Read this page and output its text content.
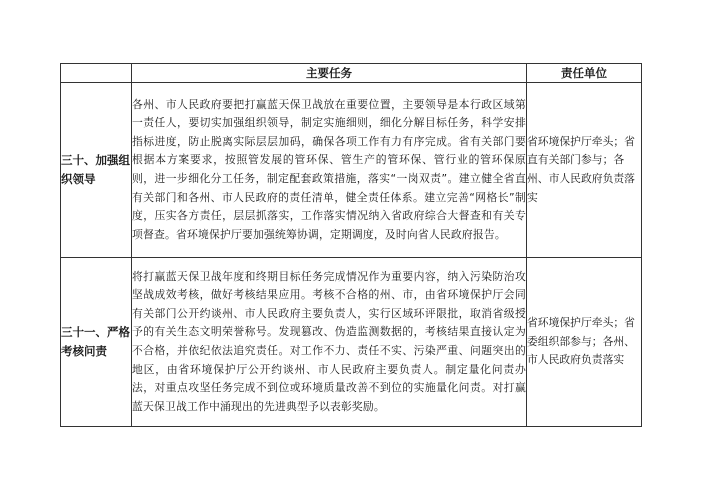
	主要任务	责任单位
三十、加强组织领导	各州、市人民政府要把打赢蓝天保卫战放在重要位置，主要领导是本行政区域第一责任人，要切实加强组织领导，制定实施细则，细化分解目标任务，科学安排指标进度，防止脱离实际层层加码，确保各项工作有力有序完成。省有关部门要根据本方案要求，按照管发展的管环保、管生产的管环保、管行业的管环保原则，进一步细化分工任务，制定配套政策措施，落实“一岗双责”。建立健全省直有关部门和各州、市人民政府的责任清单，健全责任体系。建立完善“网格长”制度，压实各方责任，层层抓落实，工作落实情况纳入省政府综合大督查和有关专项督查。省环境保护厅要加强统筹协调，定期调度，及时向省人民政府报告。	省环境保护厅牵头；省直有关部门参与；各州、市人民政府负责落实
三十一、严格考核问责	将打赢蓝天保卫战年度和终期目标任务完成情况作为重要内容，纳入污染防治攻坚战成效考核，做好考核结果应用。考核不合格的州、市，由省环境保护厅会同有关部门公开约谈州、市人民政府主要负责人，实行区域环评限批，取消省级授予的有关生态文明荣誉称号。发现篡改、伪造监测数据的，考核结果直接认定为不合格，并依纪依法追究责任。对工作不力、责任不实、污染严重、问题突出的地区，由省环境保护厅公开约谈州、市人民政府主要负责人。制定量化问责办法，对重点攻坚任务完成不到位或环境质量改善不到位的实施量化问责。对打赢蓝天保卫战工作中涌现出的先进典型予以表彰奖励。	省环境保护厅牵头；省委组织部参与；各州、市人民政府负责落实
